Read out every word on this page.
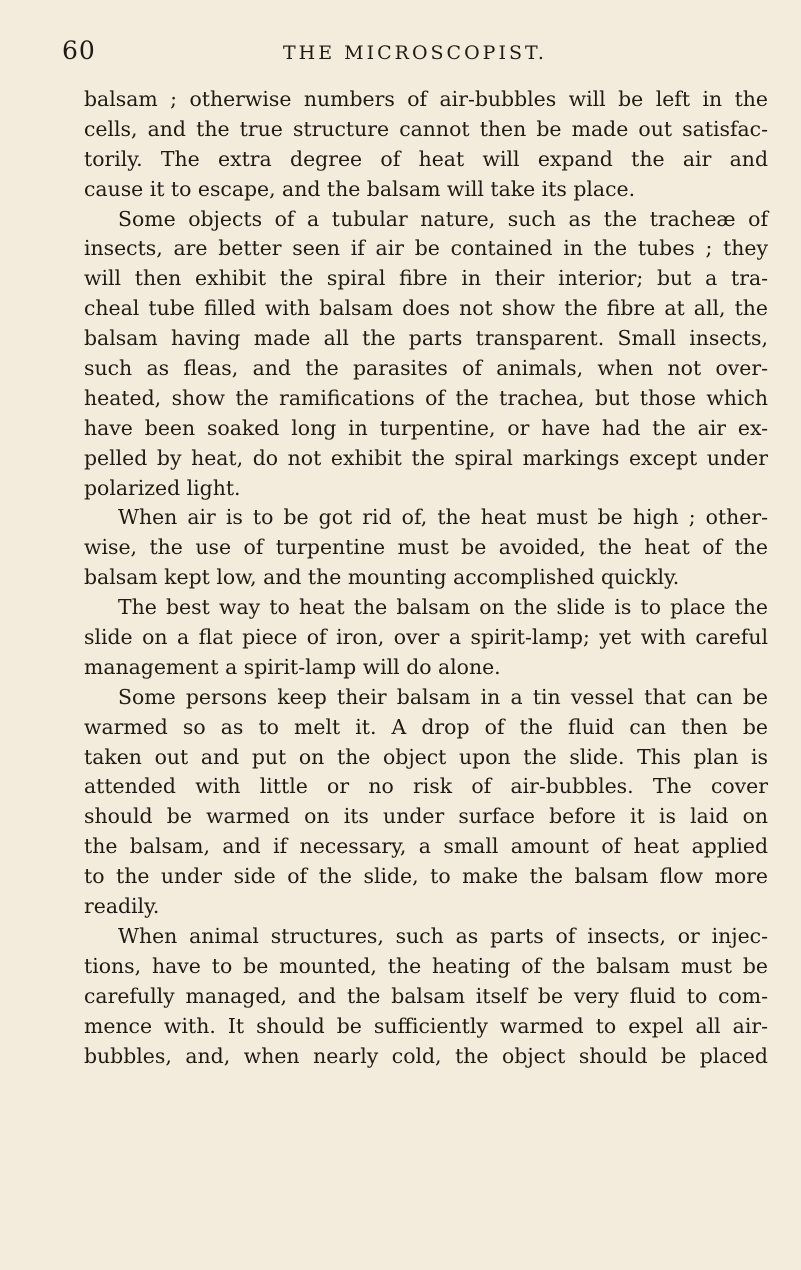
60	THE MICROSCOPIST.
balsam ; otherwise numbers of air-bubbles will be left in the
cells, and the true structure cannot then be made out satisfac-
torily. The extra degree of heat will expand the air and
cause it to escape, and the balsam will take its place.
Some objects of a tubular nature, such as the tracheæ of
insects, are better seen if air be contained in the tubes ; they
will then exhibit the spiral fibre in their interior; but a tra-
cheal tube filled with balsam does not show the fibre at all, the
balsam having made all the parts transparent. Small insects,
such as fleas, and the parasites of animals, when not over-
heated, show the ramifications of the trachea, but those which
have been soaked long in turpentine, or have had the air ex-
pelled by heat, do not exhibit the spiral markings except under
polarized light.
When air is to be got rid of, the heat must be high ; other-
wise, the use of turpentine must be avoided, the heat of the
balsam kept low, and the mounting accomplished quickly.
The best way to heat the balsam on the slide is to place the
slide on a flat piece of iron, over a spirit-lamp; yet with careful
management a spirit-lamp will do alone.
Some persons keep their balsam in a tin vessel that can be
warmed so as to melt it. A drop of the fluid can then be
taken out and put on the object upon the slide. This plan is
attended with little or no risk of air-bubbles. The cover
should be warmed on its under surface before it is laid on
the balsam, and if necessary, a small amount of heat applied
to the under side of the slide, to make the balsam flow more
readily.
When animal structures, such as parts of insects, or injec-
tions, have to be mounted, the heating of the balsam must be
carefully managed, and the balsam itself be very fluid to com-
mence with. It should be sufficiently warmed to expel all air-
bubbles, and, when nearly cold, the object should be placed
